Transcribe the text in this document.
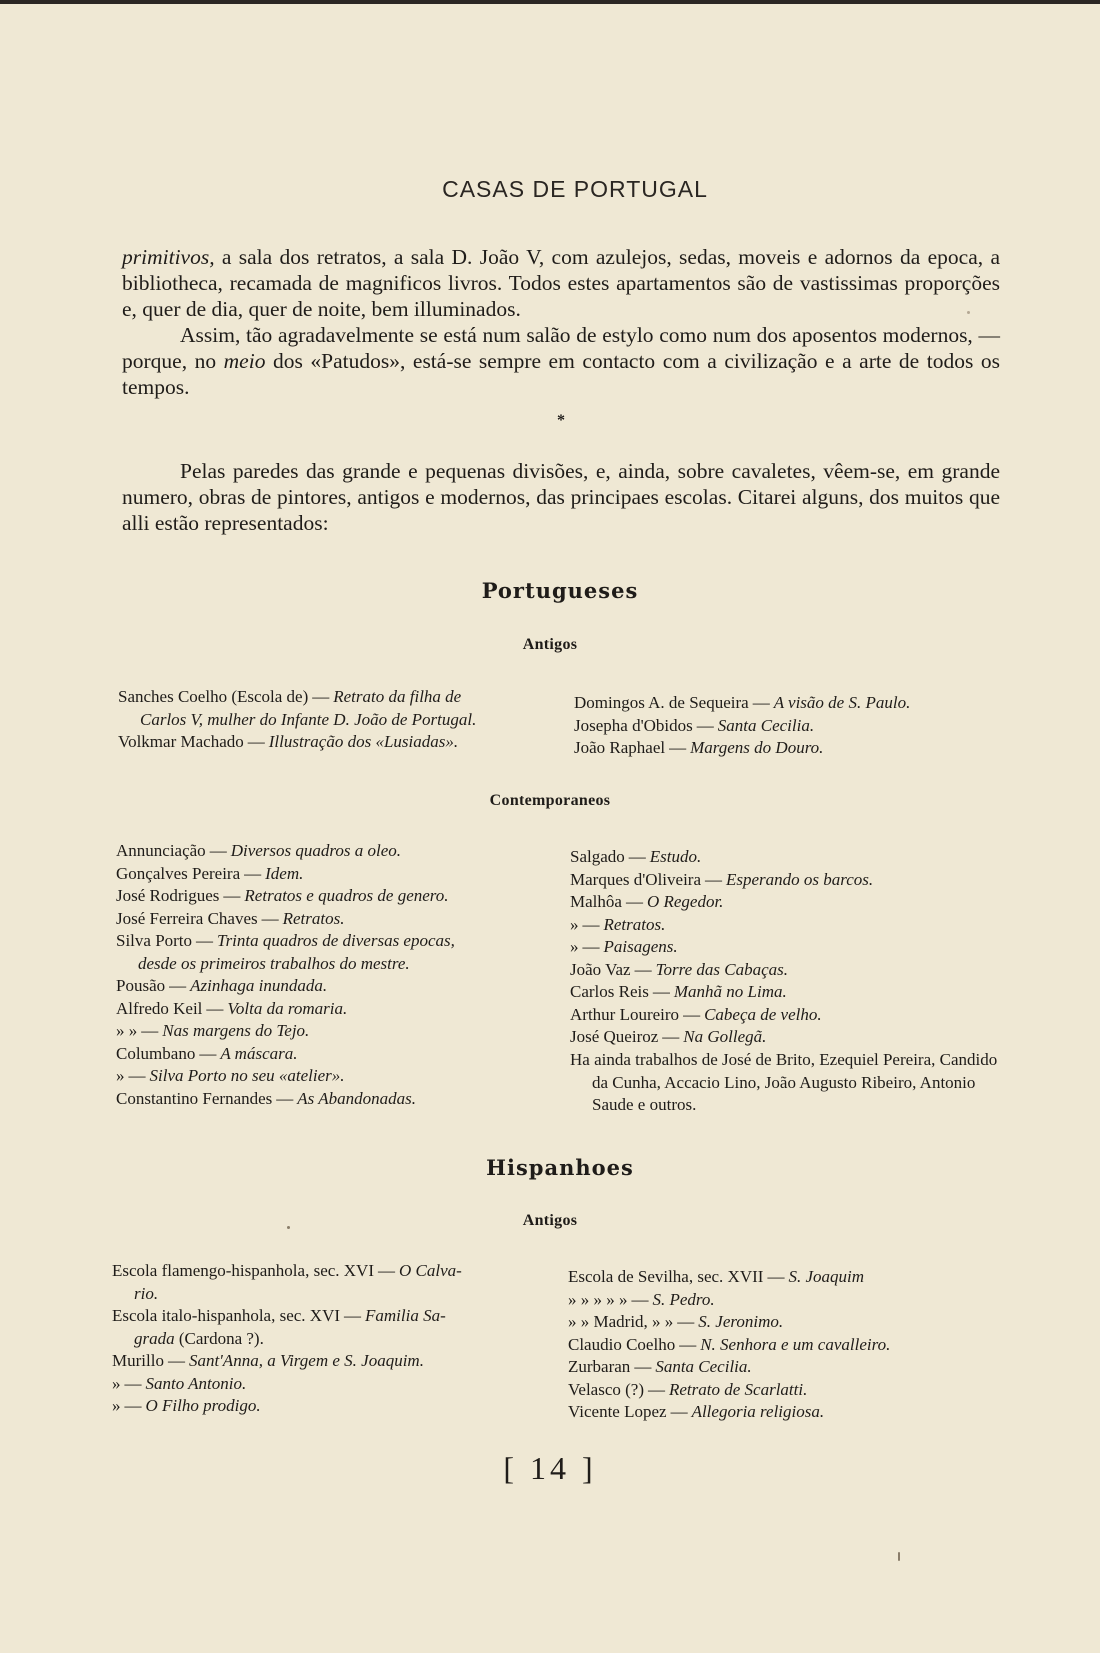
CASAS DE PORTUGAL

primitivos, a sala dos retratos, a sala D. João V, com azulejos, sedas, moveis e adornos da epoca, a bibliotheca, recamada de magnificos livros. Todos estes apartamentos são de vastissimas proporções e, quer de dia, quer de noite, bem illuminados.

Assim, tão agradavelmente se está num salão de estylo como num dos aposentos modernos, — porque, no meio dos «Patudos», está-se sempre em contacto com a civilização e a arte de todos os tempos.

*

Pelas paredes das grande e pequenas divisões, e, ainda, sobre cavaletes, vêem-se, em grande numero, obras de pintores, antigos e modernos, das principaes escolas. Citarei alguns, dos muitos que alli estão representados:

Portugueses
Antigos
Sanches Coelho (Escola de) — Retrato da filha de
Carlos V, mulher do Infante D. João de Portugal.
Volkmar Machado — Illustração dos «Lusiadas».
Domingos A. de Sequeira — A visão de S. Paulo.
Josepha d'Obidos — Santa Cecilia.
João Raphael — Margens do Douro.
Contemporaneos
Annunciação — Diversos quadros a oleo.
Gonçalves Pereira — Idem.
José Rodrigues — Retratos e quadros de genero.
José Ferreira Chaves — Retratos.
Silva Porto — Trinta quadros de diversas epocas,
desde os primeiros trabalhos do mestre.
Pousão — Azinhaga inundada.
Alfredo Keil — Volta da romaria.
» » — Nas margens do Tejo.
Columbano — A máscara.
» — Silva Porto no seu «atelier».
Constantino Fernandes — As Abandonadas.
Salgado — Estudo.
Marques d'Oliveira — Esperando os barcos.
Malhôa — O Regedor.
» — Retratos.
» — Paisagens.
João Vaz — Torre das Cabaças.
Carlos Reis — Manhã no Lima.
Arthur Loureiro — Cabeça de velho.
José Queiroz — Na Gollegã.
Ha ainda trabalhos de José de Brito, Ezequiel Pereira, Candido da Cunha, Accacio Lino, João Augusto Ribeiro, Antonio Saude e outros.
Hispanhoes
Antigos
Escola flamengo-hispanhola, sec. XVI — O Calva-
rio.
Escola italo-hispanhola, sec. XVI — Familia Sa-
grada (Cardona ?).
Murillo — Sant'Anna, a Virgem e S. Joaquim.
» — Santo Antonio.
» — O Filho prodigo.
Escola de Sevilha, sec. XVII — S. Joaquim
» » » » » — S. Pedro.
» » Madrid, » » — S. Jeronimo.
Claudio Coelho — N. Senhora e um cavalleiro.
Zurbaran — Santa Cecilia.
Velasco (?) — Retrato de Scarlatti.
Vicente Lopez — Allegoria religiosa.
[ 14 ]
